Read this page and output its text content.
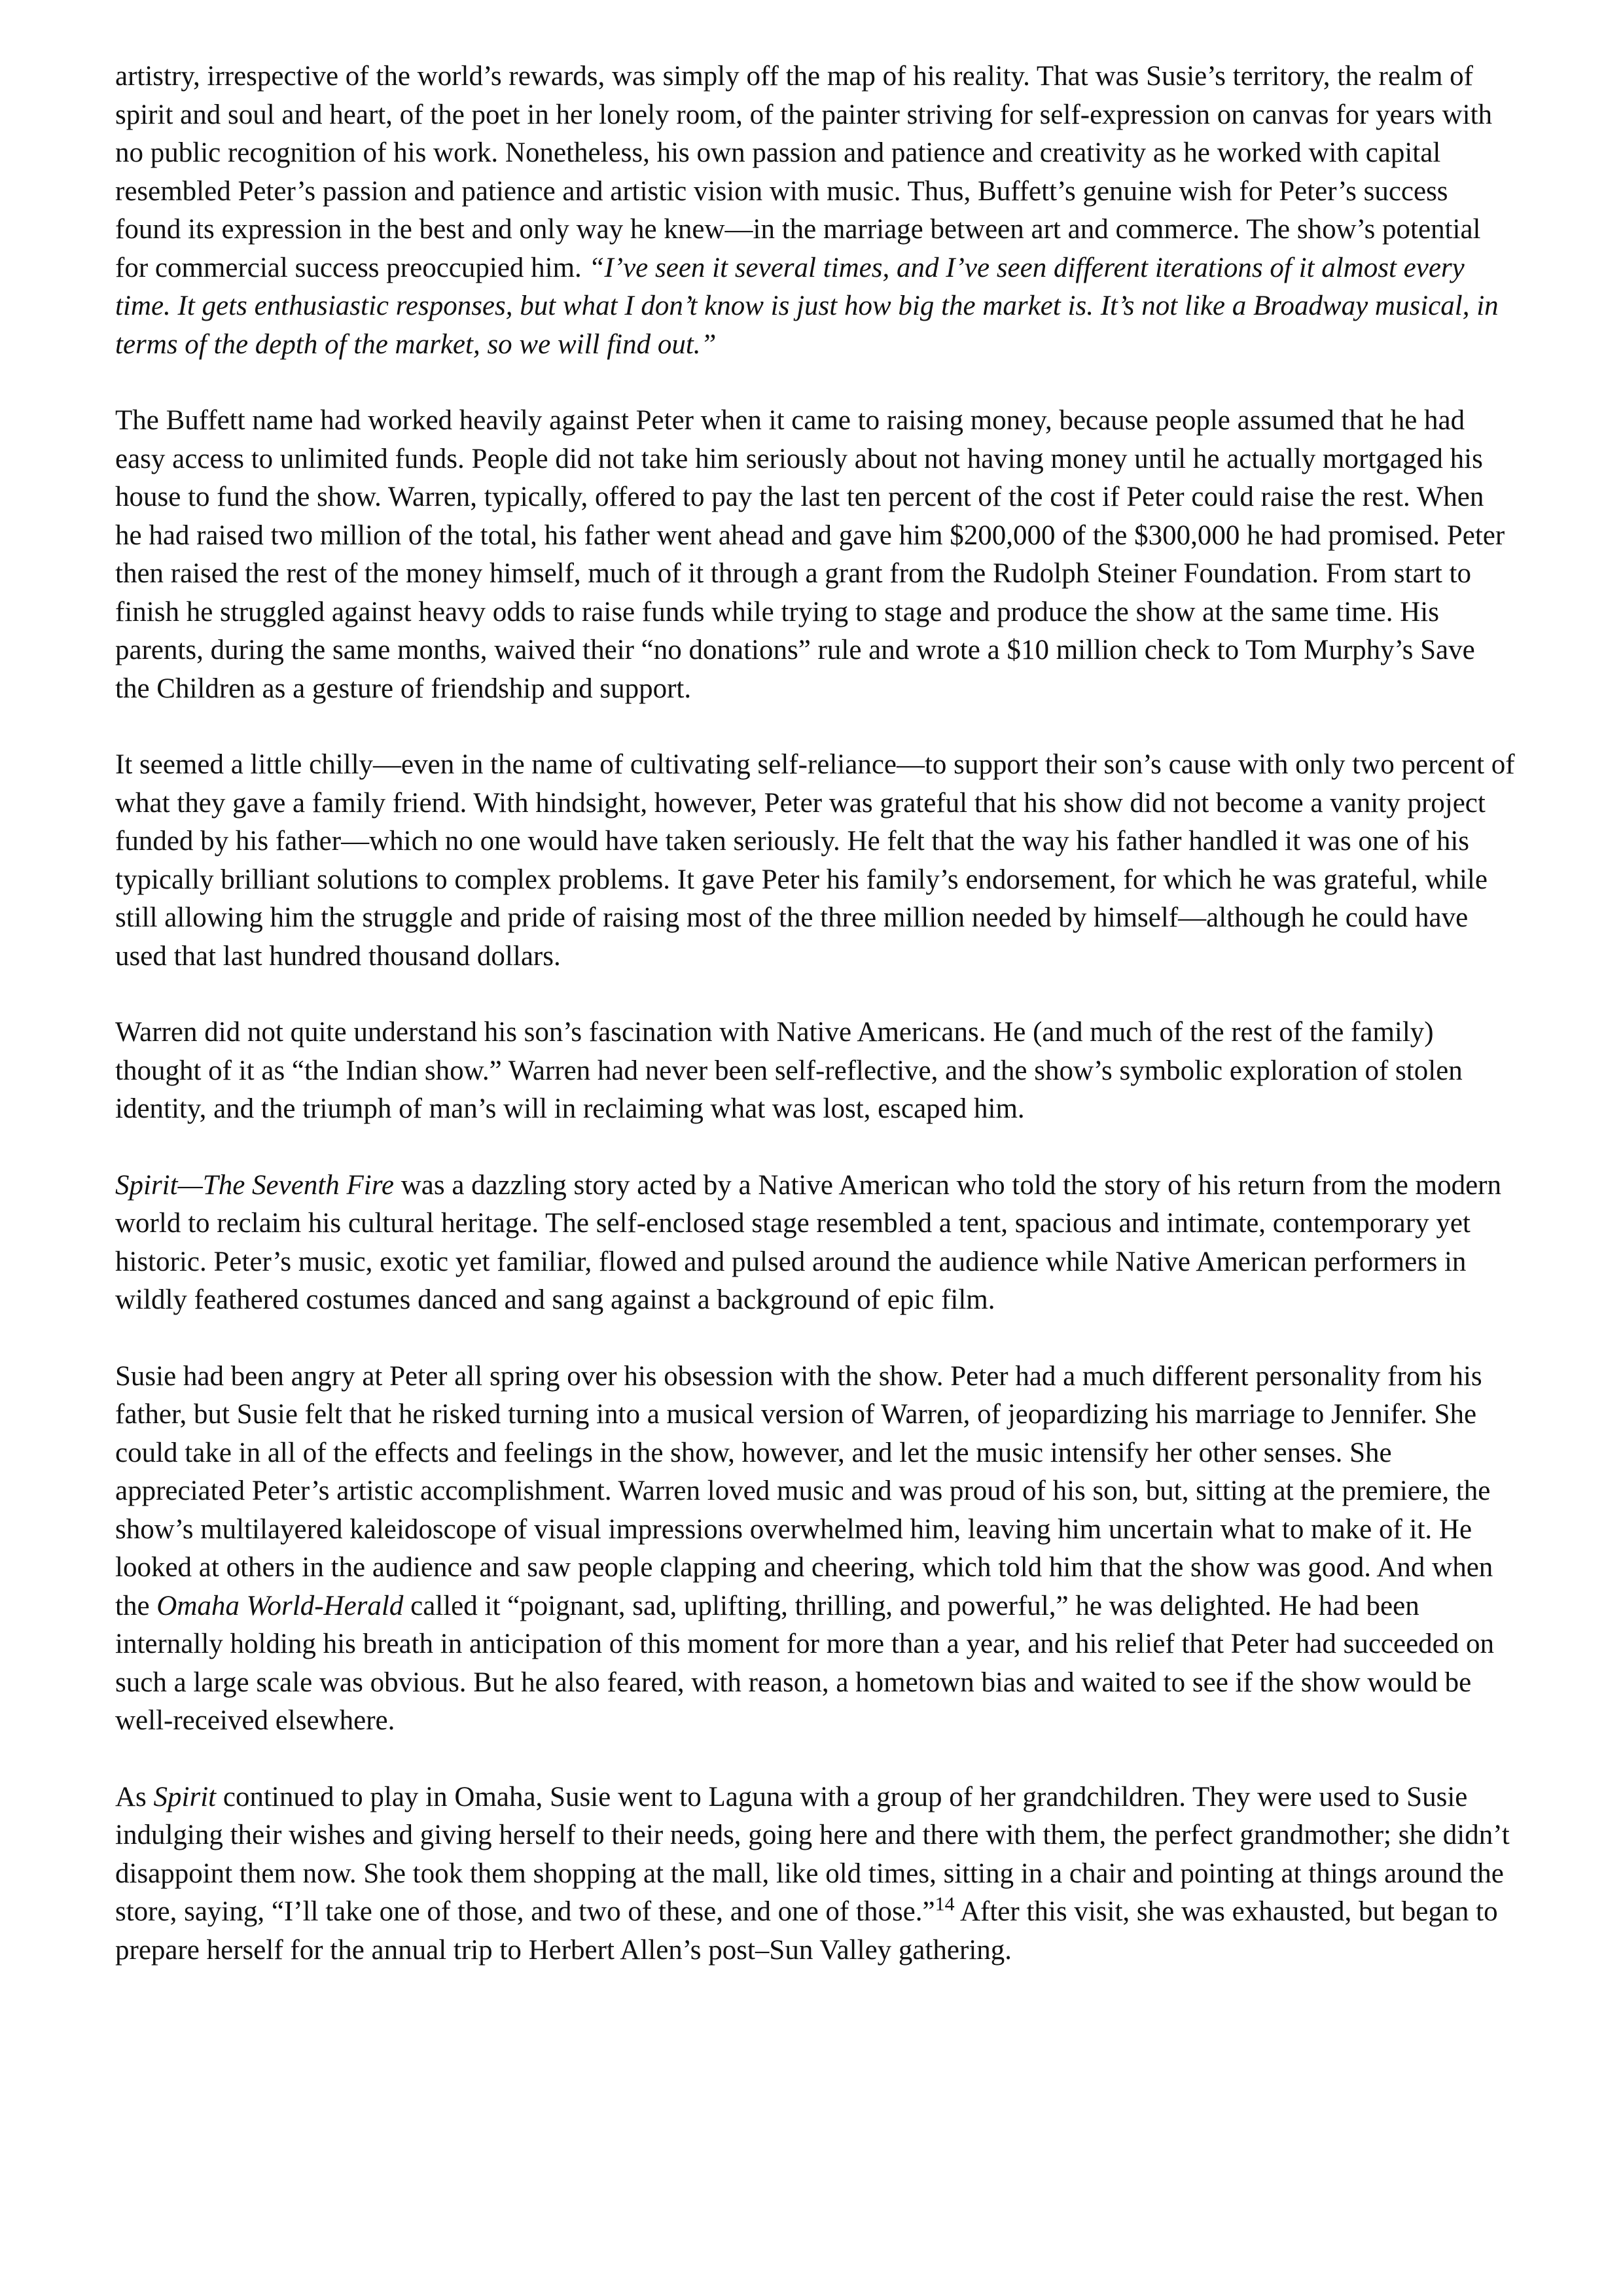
artistry, irrespective of the world’s rewards, was simply off the map of his reality. That was Susie’s territory, the realm of spirit and soul and heart, of the poet in her lonely room, of the painter striving for self-expression on canvas for years with no public recognition of his work. Nonetheless, his own passion and patience and creativity as he worked with capital resembled Peter’s passion and patience and artistic vision with music. Thus, Buffett’s genuine wish for Peter’s success found its expression in the best and only way he knew—in the marriage between art and commerce. The show’s potential for commercial success preoccupied him. “I’ve seen it several times, and I’ve seen different iterations of it almost every time. It gets enthusiastic responses, but what I don’t know is just how big the market is. It’s not like a Broadway musical, in terms of the depth of the market, so we will find out.”

The Buffett name had worked heavily against Peter when it came to raising money, because people assumed that he had easy access to unlimited funds. People did not take him seriously about not having money until he actually mortgaged his house to fund the show. Warren, typically, offered to pay the last ten percent of the cost if Peter could raise the rest. When he had raised two million of the total, his father went ahead and gave him $200,000 of the $300,000 he had promised. Peter then raised the rest of the money himself, much of it through a grant from the Rudolph Steiner Foundation. From start to finish he struggled against heavy odds to raise funds while trying to stage and produce the show at the same time. His parents, during the same months, waived their “no donations” rule and wrote a $10 million check to Tom Murphy’s Save the Children as a gesture of friendship and support.

It seemed a little chilly—even in the name of cultivating self-reliance—to support their son’s cause with only two percent of what they gave a family friend. With hindsight, however, Peter was grateful that his show did not become a vanity project funded by his father—which no one would have taken seriously. He felt that the way his father handled it was one of his typically brilliant solutions to complex problems. It gave Peter his family’s endorsement, for which he was grateful, while still allowing him the struggle and pride of raising most of the three million needed by himself—although he could have used that last hundred thousand dollars.

Warren did not quite understand his son’s fascination with Native Americans. He (and much of the rest of the family) thought of it as “the Indian show.” Warren had never been self-reflective, and the show’s symbolic exploration of stolen identity, and the triumph of man’s will in reclaiming what was lost, escaped him.

Spirit—The Seventh Fire was a dazzling story acted by a Native American who told the story of his return from the modern world to reclaim his cultural heritage. The self-enclosed stage resembled a tent, spacious and intimate, contemporary yet historic. Peter’s music, exotic yet familiar, flowed and pulsed around the audience while Native American performers in wildly feathered costumes danced and sang against a background of epic film.

Susie had been angry at Peter all spring over his obsession with the show. Peter had a much different personality from his father, but Susie felt that he risked turning into a musical version of Warren, of jeopardizing his marriage to Jennifer. She could take in all of the effects and feelings in the show, however, and let the music intensify her other senses. She appreciated Peter’s artistic accomplishment. Warren loved music and was proud of his son, but, sitting at the premiere, the show’s multilayered kaleidoscope of visual impressions overwhelmed him, leaving him uncertain what to make of it. He looked at others in the audience and saw people clapping and cheering, which told him that the show was good. And when the Omaha World-Herald called it “poignant, sad, uplifting, thrilling, and powerful,” he was delighted. He had been internally holding his breath in anticipation of this moment for more than a year, and his relief that Peter had succeeded on such a large scale was obvious. But he also feared, with reason, a hometown bias and waited to see if the show would be well-received elsewhere.

As Spirit continued to play in Omaha, Susie went to Laguna with a group of her grandchildren. They were used to Susie indulging their wishes and giving herself to their needs, going here and there with them, the perfect grandmother; she didn’t disappoint them now. She took them shopping at the mall, like old times, sitting in a chair and pointing at things around the store, saying, “I’ll take one of those, and two of these, and one of those.”$^{14}$ After this visit, she was exhausted, but began to prepare herself for the annual trip to Herbert Allen’s post–Sun Valley gathering.
